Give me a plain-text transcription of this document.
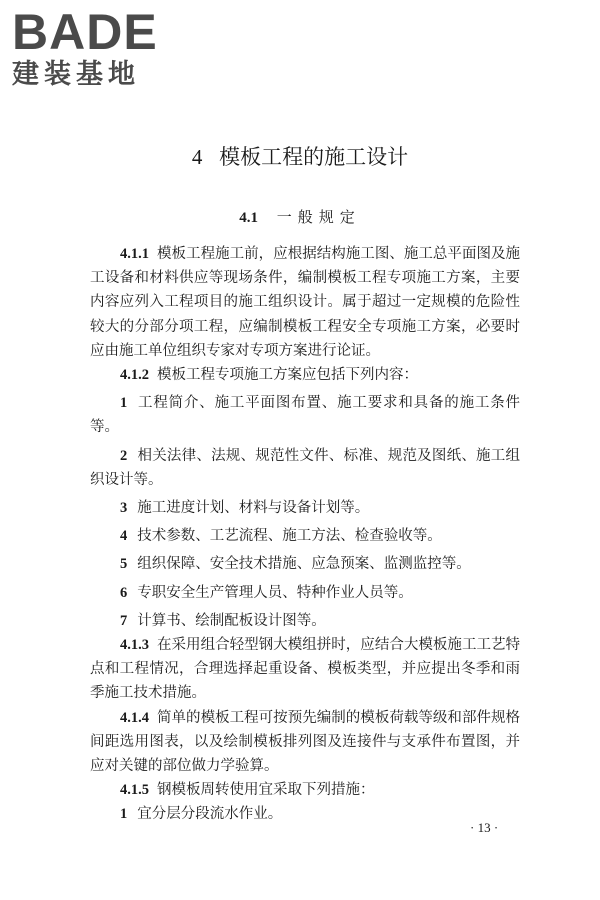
BADE
建装基地
4 模板工程的施工设计
4.1 一般规定

4.1.1 模板工程施工前，应根据结构施工图、施工总平面图及施工设备和材料供应等现场条件，编制模板工程专项施工方案，主要内容应列入工程项目的施工组织设计。属于超过一定规模的危险性较大的分部分项工程，应编制模板工程安全专项施工方案，必要时应由施工单位组织专家对专项方案进行论证。

4.1.2 模板工程专项施工方案应包括下列内容：

1 工程简介、施工平面图布置、施工要求和具备的施工条件等。

2 相关法律、法规、规范性文件、标准、规范及图纸、施工组织设计等。

3 施工进度计划、材料与设备计划等。

4 技术参数、工艺流程、施工方法、检查验收等。

5 组织保障、安全技术措施、应急预案、监测监控等。

6 专职安全生产管理人员、特种作业人员等。

7 计算书、绘制配板设计图等。

4.1.3 在采用组合轻型钢大模组拼时，应结合大模板施工工艺特点和工程情况，合理选择起重设备、模板类型，并应提出冬季和雨季施工技术措施。

4.1.4 简单的模板工程可按预先编制的模板荷载等级和部件规格间距选用图表，以及绘制模板排列图及连接件与支承件布置图，并应对关键的部位做力学验算。

4.1.5 钢模板周转使用宜采取下列措施：

1 宜分层分段流水作业。

· 13 ·
